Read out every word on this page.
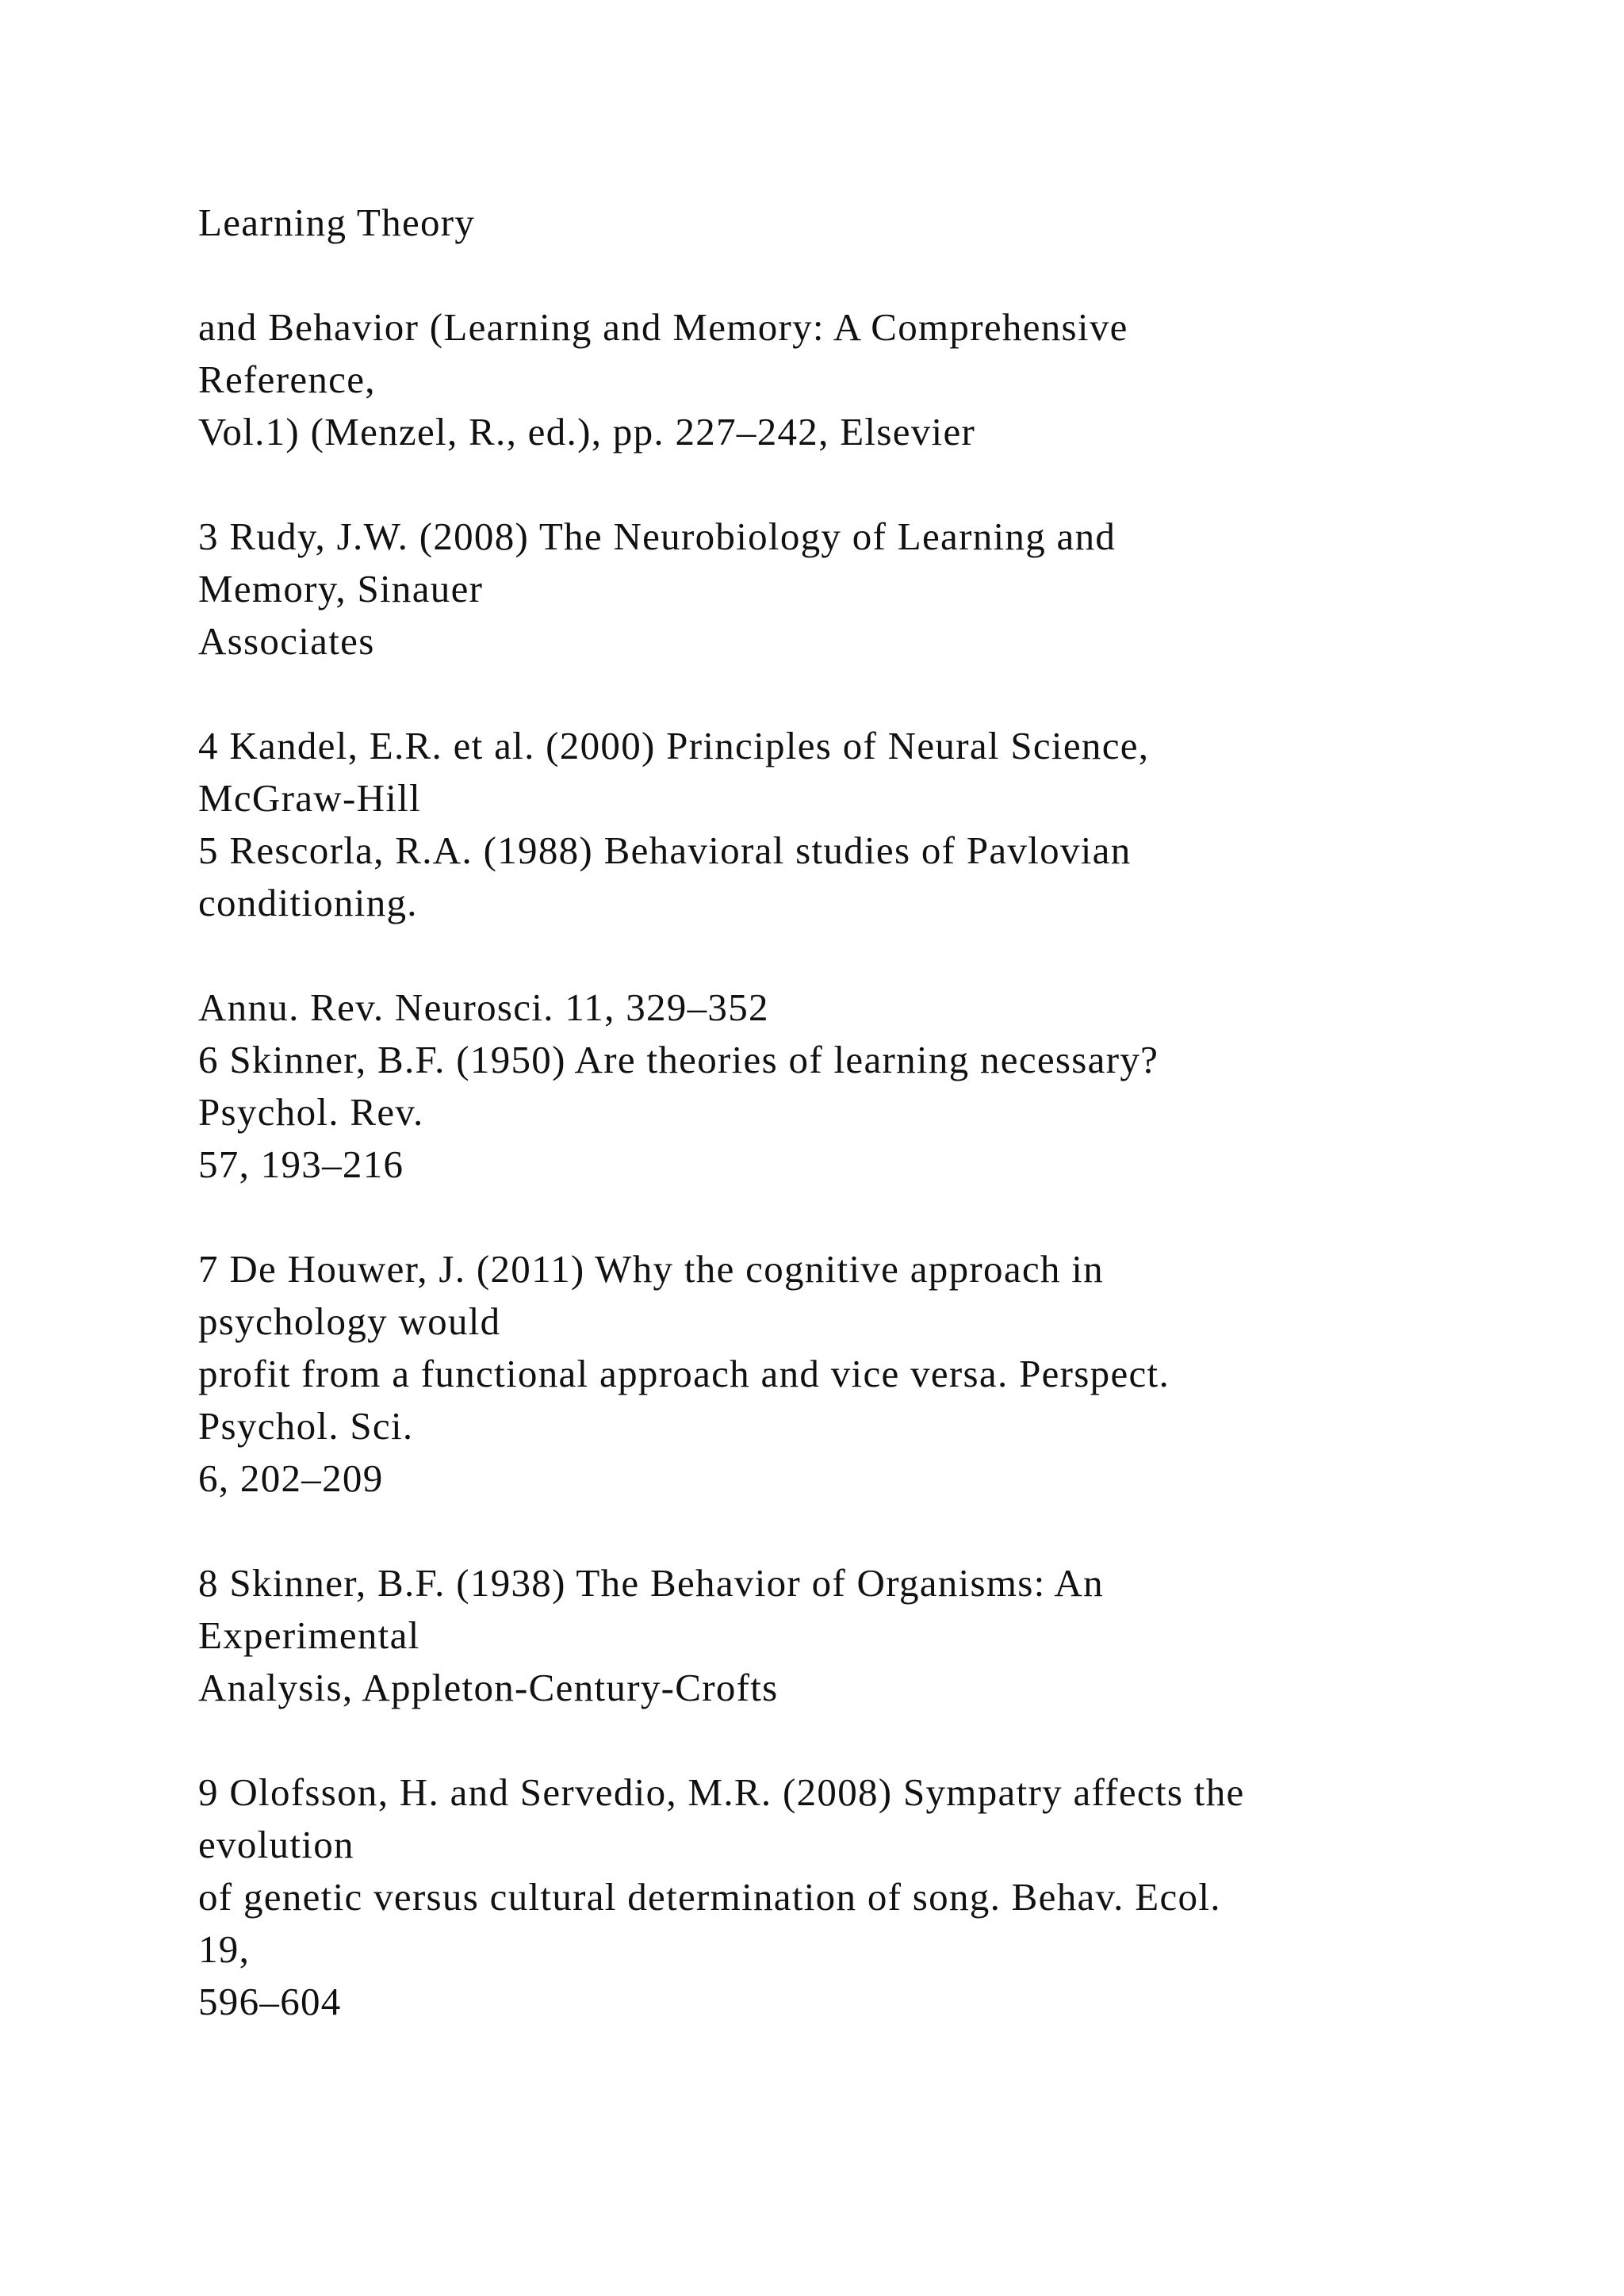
Learning Theory
and Behavior (Learning and Memory: A Comprehensive
Reference,
Vol.1) (Menzel, R., ed.), pp. 227–242, Elsevier
3 Rudy, J.W. (2008) The Neurobiology of Learning and
Memory, Sinauer
Associates
4 Kandel, E.R. et al. (2000) Principles of Neural Science,
McGraw-Hill
5 Rescorla, R.A. (1988) Behavioral studies of Pavlovian
conditioning.
Annu. Rev. Neurosci. 11, 329–352
6 Skinner, B.F. (1950) Are theories of learning necessary?
Psychol. Rev.
57, 193–216
7 De Houwer, J. (2011) Why the cognitive approach in
psychology would
profit from a functional approach and vice versa. Perspect.
Psychol. Sci.
6, 202–209
8 Skinner, B.F. (1938) The Behavior of Organisms: An
Experimental
Analysis, Appleton-Century-Crofts
9 Olofsson, H. and Servedio, M.R. (2008) Sympatry affects the
evolution
of genetic versus cultural determination of song. Behav. Ecol.
19,
596–604
